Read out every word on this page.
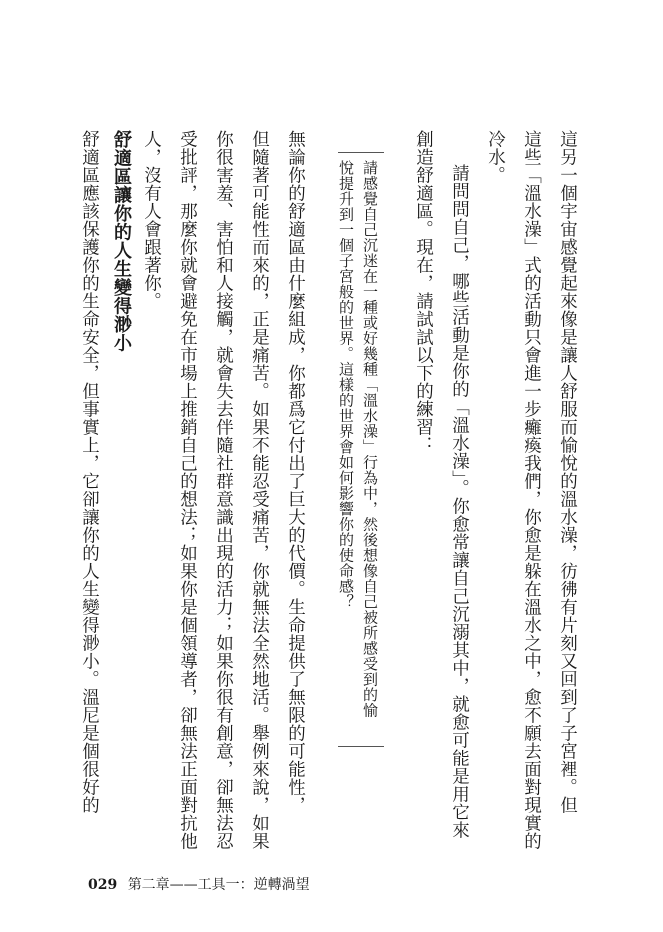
這另一個宇宙感覺起來像是讓人舒服而愉悅的溫水澡，彷彿有片刻又回到了子宮裡。但
這些「溫水澡」式的活動只會進一步癱瘓我們，你愈是躲在溫水之中，愈不願去面對現實的
冷水。
請問問自己，哪些活動是你的「溫水澡」。你愈常讓自己沉溺其中，就愈可能是用它來
創造舒適區。現在，請試試以下的練習：
請感覺自己沉迷在一種或好幾種「溫水澡」行為中，然後想像自己被所感受到的愉
悅提升到一個子宮般的世界。這樣的世界會如何影響你的使命感？
無論你的舒適區由什麼組成，你都爲它付出了巨大的代價。生命提供了無限的可能性，
但隨著可能性而來的，正是痛苦。如果不能忍受痛苦，你就無法全然地活。舉例來說，如果
你很害羞、害怕和人接觸，就會失去伴隨社群意識出現的活力；如果你很有創意，卻無法忍
受批評，那麼你就會避免在市場上推銷自己的想法；如果你是個領導者，卻無法正面對抗他
人，沒有人會跟著你。
舒適區讓你的人生變得渺小
舒適區應該保護你的生命安全，但事實上，它卻讓你的人生變得渺小。溫尼是個很好的
029 第二章——工具一：逆轉渦望
